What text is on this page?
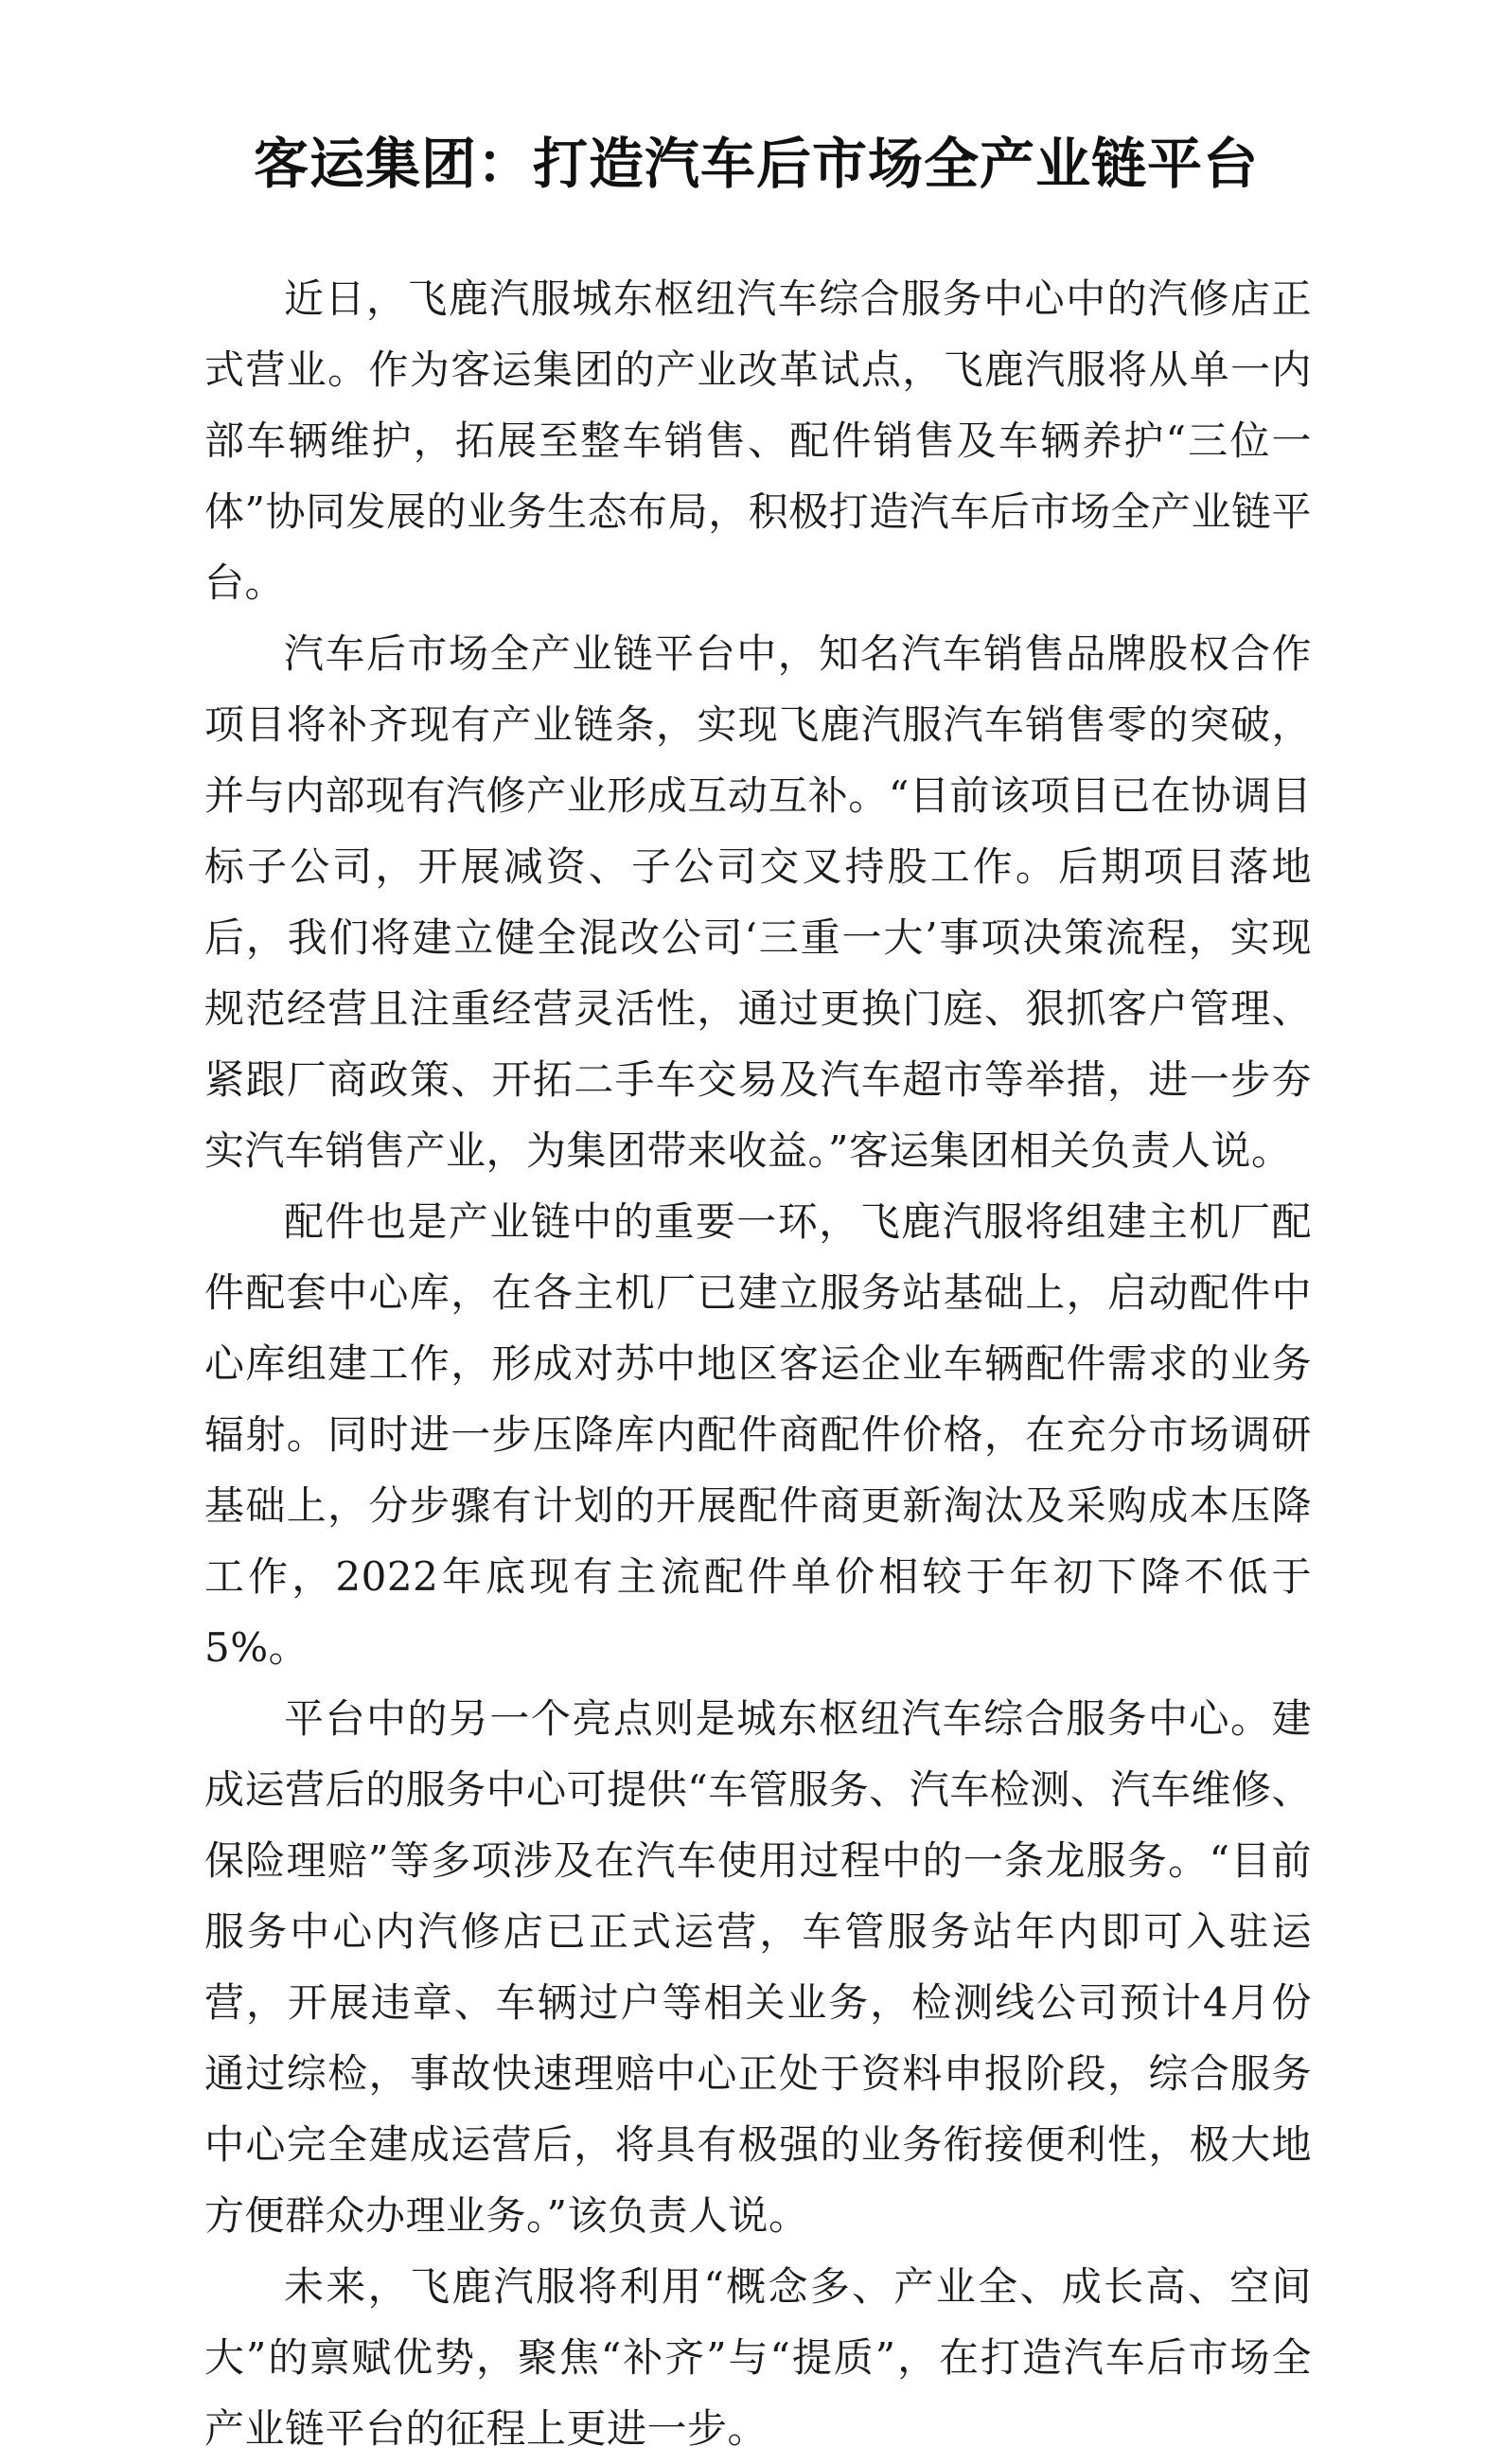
客运集团：打造汽车后市场全产业链平台

近日，飞鹿汽服城东枢纽汽车综合服务中心中的汽修店正式营业。作为客运集团的产业改革试点，飞鹿汽服将从单一内部车辆维护，拓展至整车销售、配件销售及车辆养护“三位一体”协同发展的业务生态布局，积极打造汽车后市场全产业链平台。

汽车后市场全产业链平台中，知名汽车销售品牌股权合作项目将补齐现有产业链条，实现飞鹿汽服汽车销售零的突破，并与内部现有汽修产业形成互动互补。“目前该项目已在协调目标子公司，开展减资、子公司交叉持股工作。后期项目落地后，我们将建立健全混改公司‘三重一大’事项决策流程，实现规范经营且注重经营灵活性，通过更换门庭、狠抓客户管理、紧跟厂商政策、开拓二手车交易及汽车超市等举措，进一步夯实汽车销售产业，为集团带来收益。”客运集团相关负责人说。

配件也是产业链中的重要一环，飞鹿汽服将组建主机厂配件配套中心库，在各主机厂已建立服务站基础上，启动配件中心库组建工作，形成对苏中地区客运企业车辆配件需求的业务辐射。同时进一步压降库内配件商配件价格，在充分市场调研基础上，分步骤有计划的开展配件商更新淘汰及采购成本压降工作，2022年底现有主流配件单价相较于年初下降不低于5%。

平台中的另一个亮点则是城东枢纽汽车综合服务中心。建成运营后的服务中心可提供“车管服务、汽车检测、汽车维修、保险理赔”等多项涉及在汽车使用过程中的一条龙服务。“目前服务中心内汽修店已正式运营，车管服务站年内即可入驻运营，开展违章、车辆过户等相关业务，检测线公司预计4月份通过综检，事故快速理赔中心正处于资料申报阶段，综合服务中心完全建成运营后，将具有极强的业务衔接便利性，极大地方便群众办理业务。”该负责人说。

未来，飞鹿汽服将利用“概念多、产业全、成长高、空间大”的禀赋优势，聚焦“补齐”与“提质”，在打造汽车后市场全产业链平台的征程上更进一步。
